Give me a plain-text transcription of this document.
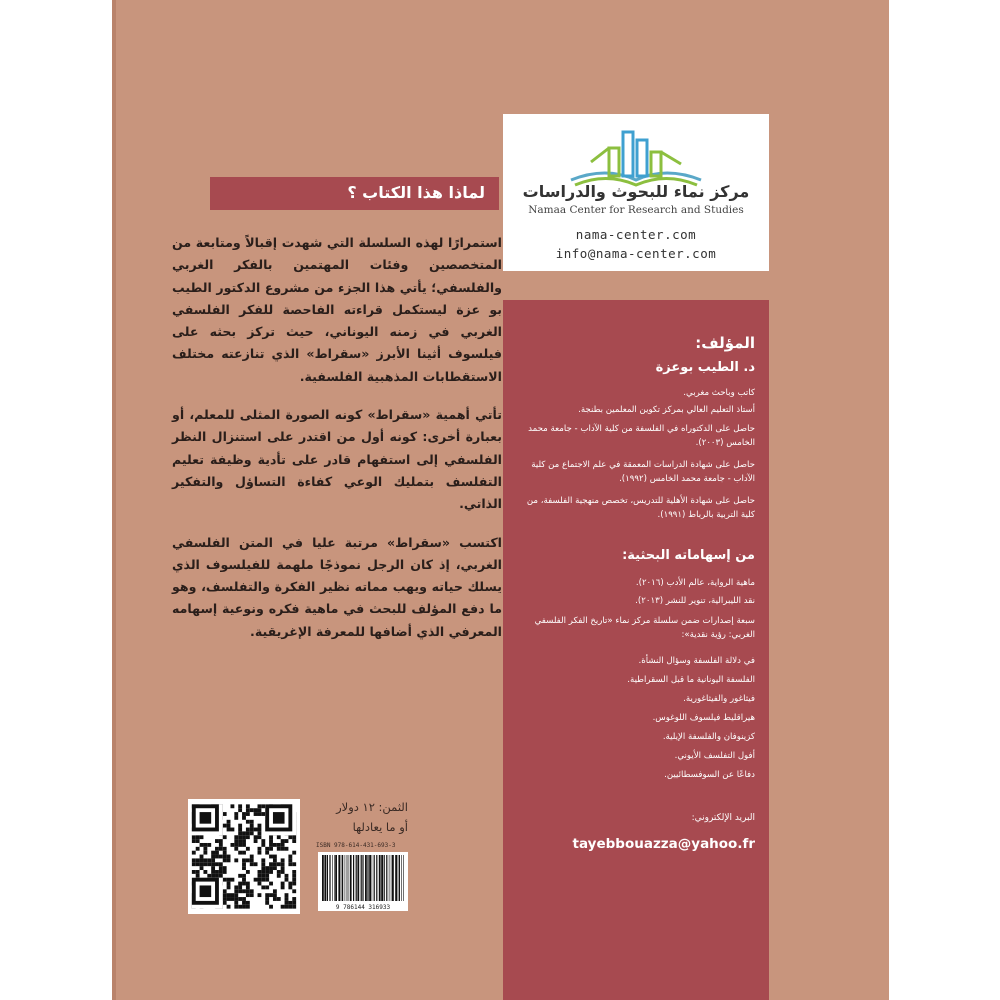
مركز نماء للبحوث والدراسات
Namaa Center for Research and Studies
nama-center.com
info@nama-center.com
لماذا هذا الكتاب ؟

استمرارًا لهذه السلسلة التي شهدت إقبالاً ومتابعة من المتخصصين وفئات المهتمين بالفكر الغربي والفلسفي؛ يأتي هذا الجزء من مشروع الدكتور الطيب بو عزة ليستكمل قراءته الفاحصة للفكر الفلسفي الغربي في زمنه اليوناني، حيث تركز بحثه على فيلسوف أثينا الأبرز «سقراط» الذي تنازعته مختلف الاستقطابات المذهبية الفلسفية.

تأتي أهمية «سقراط» كونه الصورة المثلى للمعلم، أو بعبارة أخرى: كونه أول من اقتدر على استنزال النظر الفلسفي إلى استفهام قادر على تأدية وظيفة تعليم التفلسف بتمليك الوعي كفاءة التساؤل والتفكير الذاتي.

اكتسب «سقراط» مرتبة عليا في المتن الفلسفي الغربي، إذ كان الرجل نموذجًا ملهمة للفيلسوف الذي يسلك حياته ويهب مماته نظير الفكرة والتفلسف، وهو ما دفع المؤلف للبحث في ماهية فكره ونوعية إسهامه المعرفي الذي أضافها للمعرفة الإغريقية.

المؤلف:
د. الطيب بوعزة
كاتب وباحث مغربي.
أستاذ التعليم العالي بمركز تكوين المعلمين بطنجة.
حاصل على الدكتوراه في الفلسفة من كلية الآداب - جامعة محمد الخامس (٢٠٠٣).
حاصل على شهادة الدراسات المعمقة في علم الاجتماع من كلية الآداب - جامعة محمد الخامس (١٩٩٢).
حاصل على شهادة الأهلية للتدريس، تخصص منهجية الفلسفة، من كلية التربية بالرباط (١٩٩١).
من إسهاماته البحثية:
ماهية الرواية، عالم الأدب (٢٠١٦).
نقد الليبرالية، تنوير للنشر (٢٠١٣).
سبعة إصدارات ضمن سلسلة مركز نماء «تاريخ الفكر الفلسفي الغربي: رؤية نقدية»:
في دلالة الفلسفة وسؤال النشأة.
الفلسفة اليونانية ما قبل السقراطية.
فيثاغور والفيثاغورية.
هيراقليط فيلسوف اللوغوس.
كزينوفان والفلسفة الإيلية.
أفول التفلسف الأيوني.
دفاعًا عن السوفسطائيين.
البريد الإلكتروني:
tayebbouazza@yahoo.fr
الثمن: ١٢ دولار
أو ما يعادلها
ISBN 978-614-431-693-3
9 786144 316933
